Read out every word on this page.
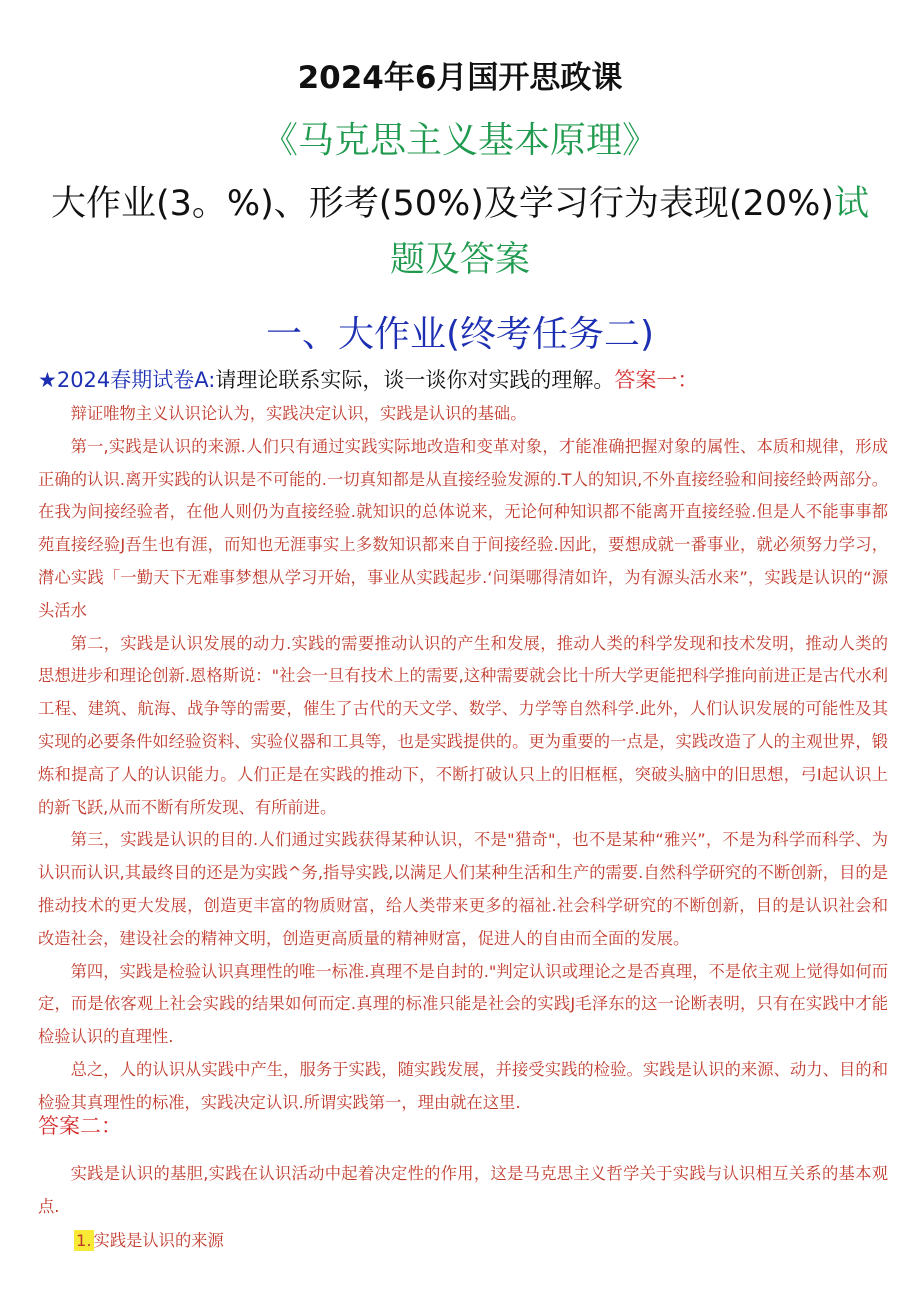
2024年6月国开思政课
《马克思主义基本原理》
大作业(3。%)、形考(50%)及学习行为表现(20%)试题及答案
一、大作业(终考任务二)
★2024春期试卷A:请理论联系实际，谈一谈你对实践的理解。答案一：

辩证唯物主义认识论认为，实践决定认识，实践是认识的基础。

第一,实践是认识的来源.人们只有通过实践实际地改造和变革对象，才能准确把握对象的属性、本质和规律，形成正确的认识.离开实践的认识是不可能的.一切真知都是从直接经验发源的.T人的知识,不外直接经验和间接经蛉两部分。在我为间接经验者，在他人则仍为直接经验.就知识的总体说来，无论何种知识都不能离开直接经验.但是人不能事事都苑直接经验J吾生也有涯，而知也无涯事实上多数知识都来自于间接经验.因此，要想成就一番事业，就必须努力学习，潸心实践「一勤天下无难事梦想从学习开始，事业从实践起步.‘问渠哪得清如许，为有源头活水来”，实践是认识的“源头活水

第二，实践是认识发展的动力.实践的需要推动认识的产生和发展，推动人类的科学发现和技术发明，推动人类的思想进步和理论创新.恩格斯说："社会一旦有技术上的需要,这种需要就会比十所大学更能把科学推向前进正是古代水利工程、建筑、航海、战争等的需要，催生了古代的天文学、数学、力学等自然科学.此外，人们认识发展的可能性及其实现的必要条件如经验资料、实验仪器和工具等，也是实践提供的。更为重要的一点是，实践改造了人的主观世界，锻炼和提高了人的认识能力。人们正是在实践的推动下，不断打破认只上的旧框框，突破头脑中的旧思想，弓I起认识上的新飞跃,从而不断有所发现、有所前进。

第三，实践是认识的目的.人们通过实践获得某种认识，不是"猎奇"，也不是某种“雅兴”，不是为科学而科学、为认识而认识,其最终目的还是为实践^务,指导实践,以满足人们某种生活和生产的需要.自然科学研究的不断创新，目的是推动技术的更大发展，创造更丰富的物质财富，给人类带来更多的福祉.社会科学研究的不断创新，目的是认识社会和改造社会，建设社会的精神文明，创造更高质量的精神财富，促进人的自由而全面的发展。

第四，实践是检验认识真理性的唯一标准.真理不是自封的."判定认识或理论之是否真理，不是依主观上觉得如何而定，而是依客观上社会实践的结果如何而定.真理的标准只能是社会的实践J毛泽东的这一论断表明，只有在实践中才能检验认识的直理性.

总之，人的认识从实践中产生，服务于实践，随实践发展，并接受实践的检验。实践是认识的来源、动力、目的和检验其真理性的标准，实践决定认识.所谓实践第一，理由就在这里.

答案二：

实践是认识的基胆,实践在认识活动中起着决定性的作用，这是马克思主义哲学关于实践与认识相互关系的基本观点.

1. 实践是认识的来源
